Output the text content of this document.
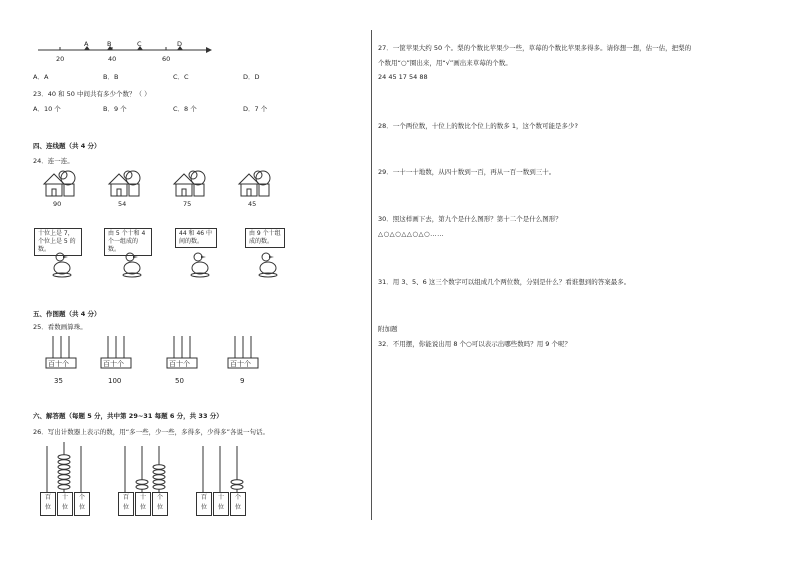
A	B	C	D
20	40	60
A．A	B．B	C．C	D．D
23．40 和 50 中间共有多少个数？（ ）
A．10 个	B．9 个	C．8 个	D．7 个
四、连线题（共 4 分）
24．连一连。
90	54	75	45
十位上是 7，个位上是 5 的数。
由 5 个十和 4 个一组成的数。
44 和 46 中间的数。
由 9 个十组成的数。
五、作图题（共 4 分）
25．看数画算珠。
百十个	百十个	百十个	百十个
35	100	50	9
六、解答题（每题 5 分，共中第 29~31 每题 6 分，共 33 分）
26．写出计数器上表示的数，用“多一些，少一些，多得多，少得多”各说一句话。
百
位十
位个
位
百
位十
位个
位
百
位十
位个
位
27．一筐苹果大约 50 个。梨的个数比苹果少一些，草莓的个数比苹果多得多。请你想一想，估一估，把梨的
个数用“○”圈出来，用“√”画出来草莓的个数。
24 45 17 54 88
28．一个两位数，十位上的数比个位上的数多 1，这个数可能是多少?
29．一十一十地数，从四十数到一百，再从一百一数到三十。
30．照这样画下去，第九个是什么图形？第十二个是什么图形？
△○△○△△○△○……
31．用 3、5、6 这三个数字可以组成几个两位数，分别是什么？看谁想到的答案最多。
附加题
32．不用摆，你能说出用 8 个○可以表示出哪些数吗？用 9 个呢？
